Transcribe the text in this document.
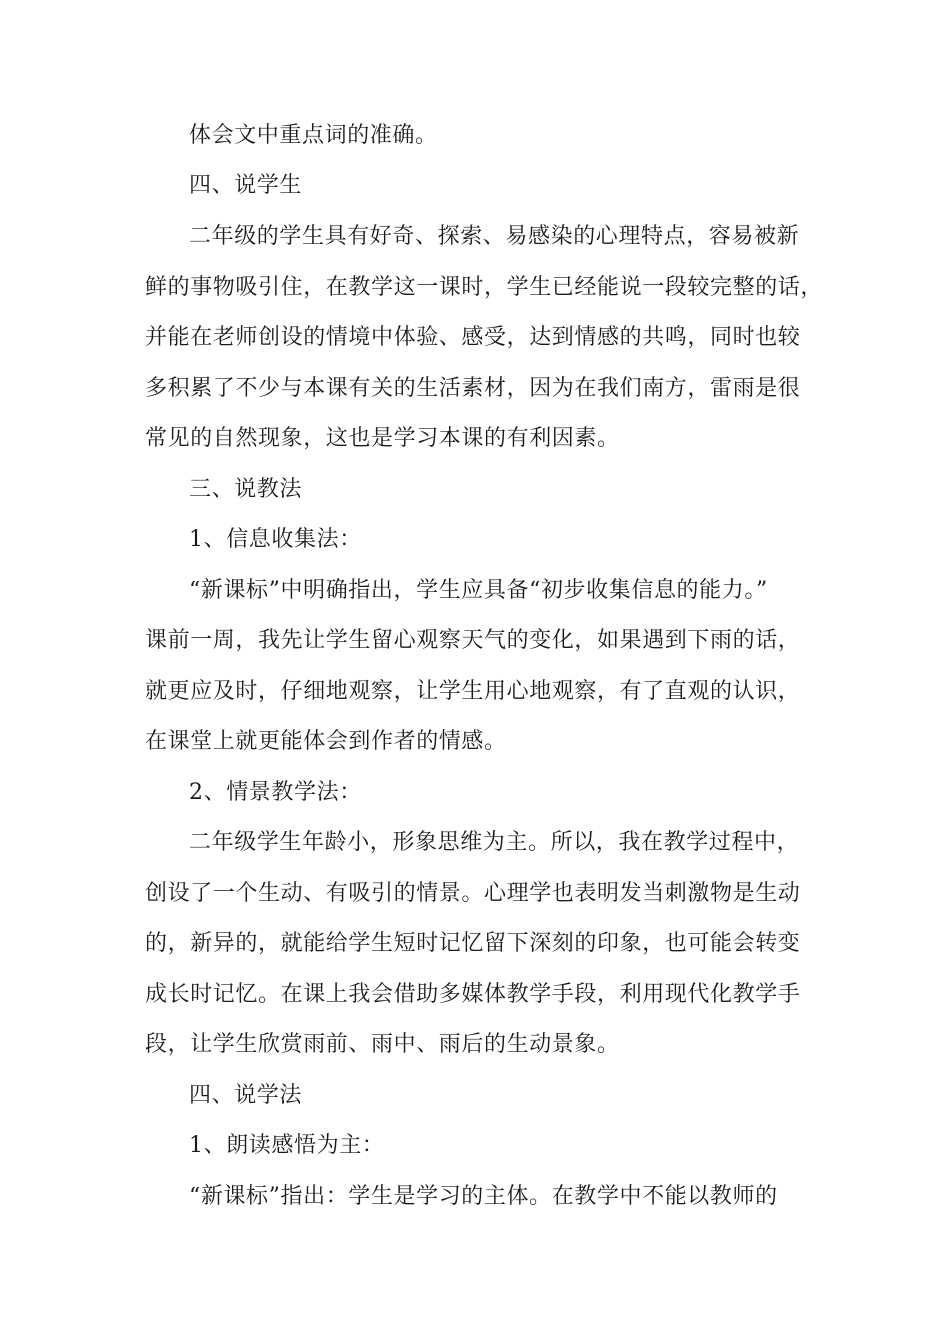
体会文中重点词的准确。
四、说学生
二年级的学生具有好奇、探索、易感染的心理特点，容易被新
鲜的事物吸引住，在教学这一课时，学生已经能说一段较完整的话，
并能在老师创设的情境中体验、感受，达到情感的共鸣，同时也较
多积累了不少与本课有关的生活素材，因为在我们南方，雷雨是很
常见的自然现象，这也是学习本课的有利因素。
三、说教法
1、信息收集法：
“新课标”中明确指出，学生应具备“初步收集信息的能力。”
课前一周，我先让学生留心观察天气的变化，如果遇到下雨的话，
就更应及时，仔细地观察，让学生用心地观察，有了直观的认识，
在课堂上就更能体会到作者的情感。
2、情景教学法：
二年级学生年龄小，形象思维为主。所以，我在教学过程中，
创设了一个生动、有吸引的情景。心理学也表明发当刺激物是生动
的，新异的，就能给学生短时记忆留下深刻的印象，也可能会转变
成长时记忆。在课上我会借助多媒体教学手段，利用现代化教学手
段，让学生欣赏雨前、雨中、雨后的生动景象。
四、说学法
1、朗读感悟为主：
“新课标”指出：学生是学习的主体。在教学中不能以教师的
